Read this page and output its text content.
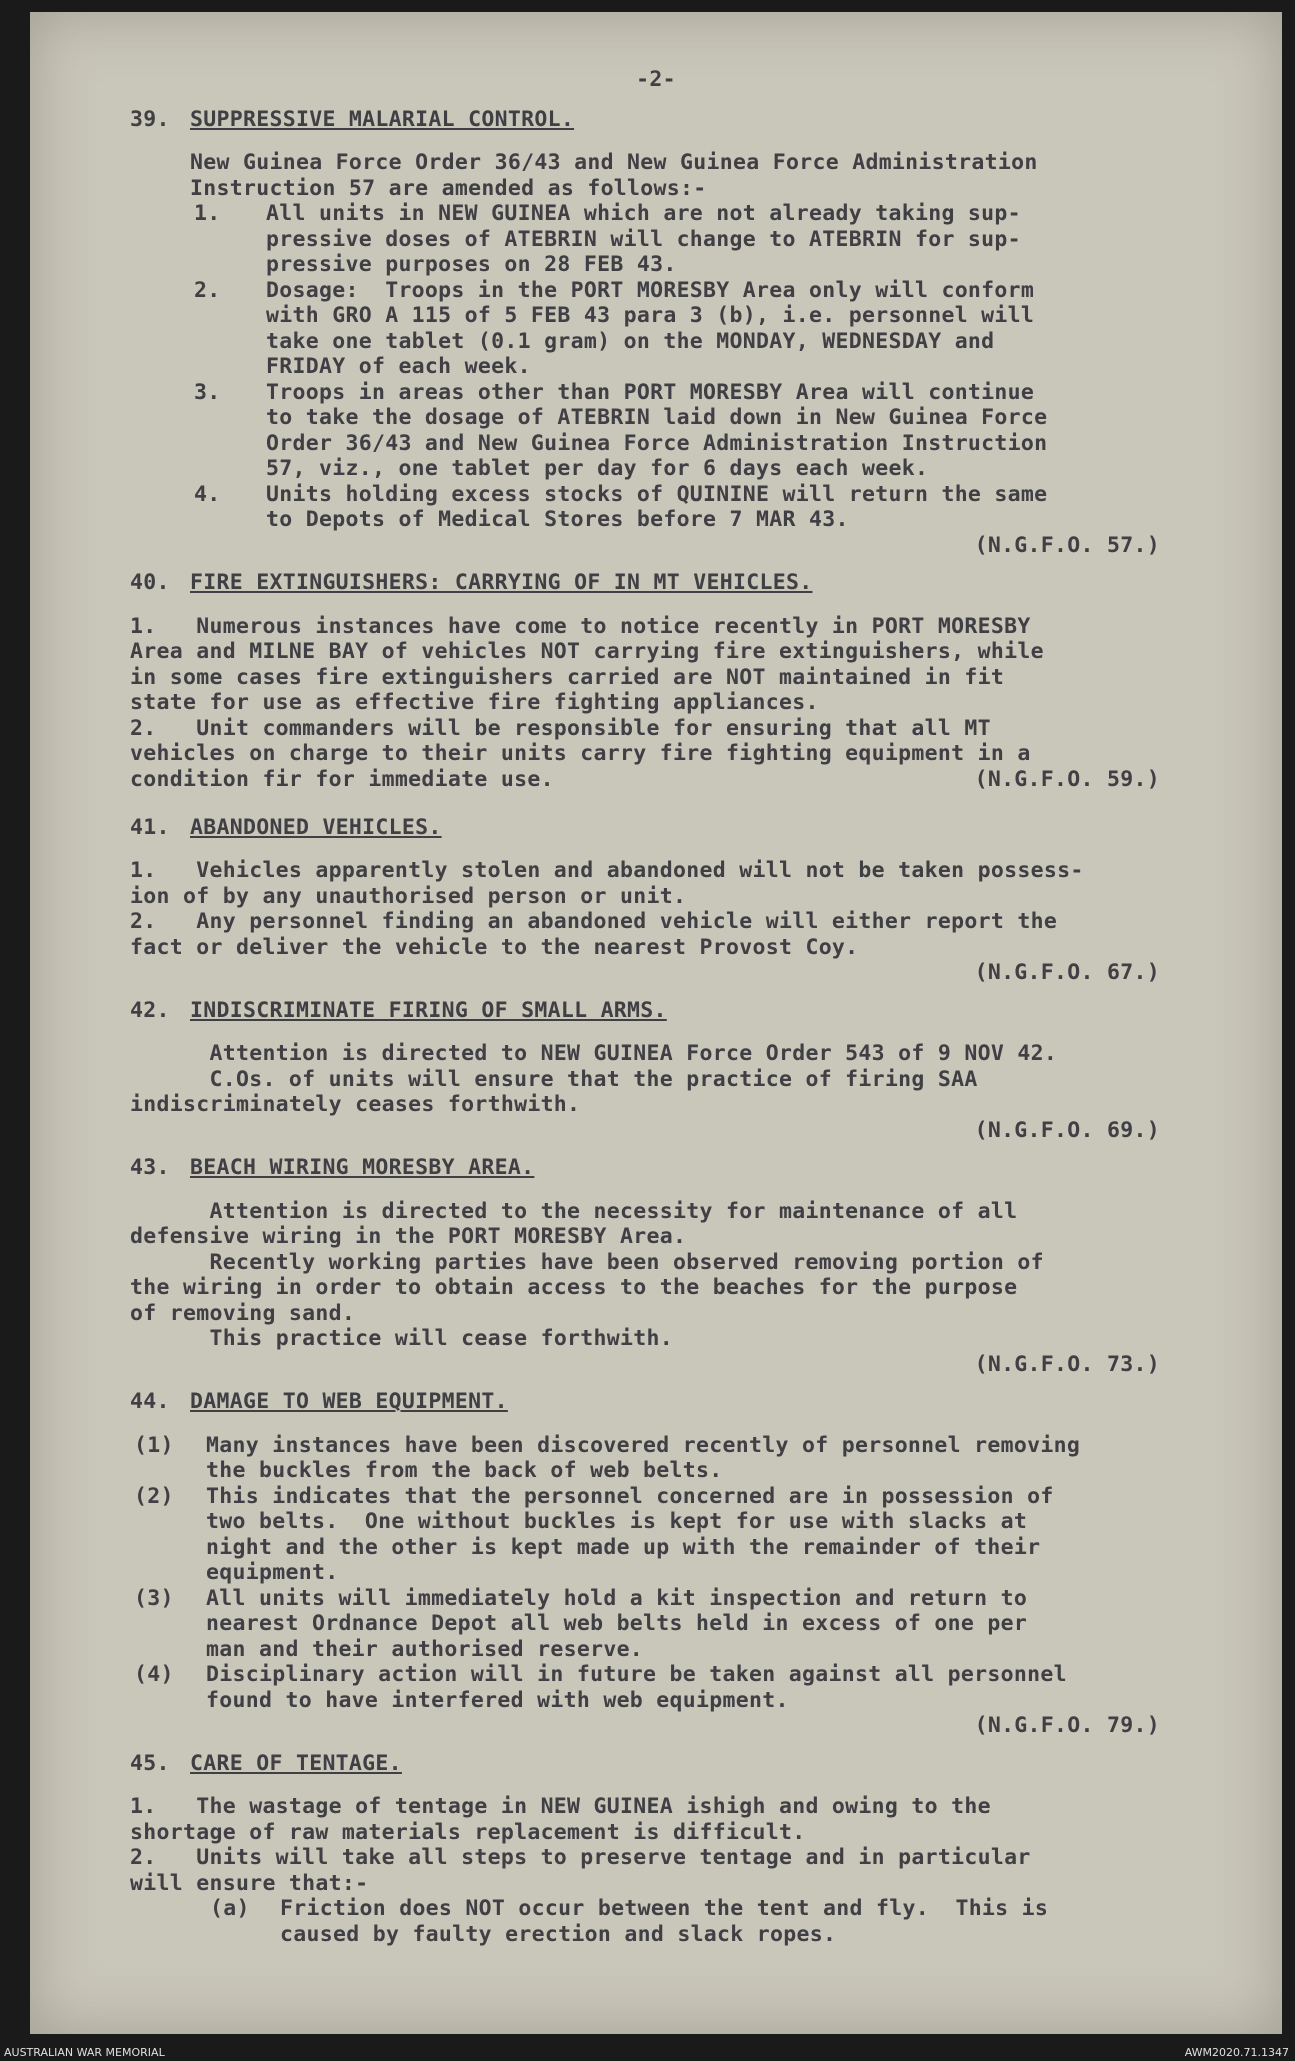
-2-
39. SUPPRESSIVE MALARIAL CONTROL.
New Guinea Force Order 36/43 and New Guinea Force Administration
Instruction 57 are amended as follows:-
1.	All units in NEW GUINEA which are not already taking sup-
pressive doses of ATEBRIN will change to ATEBRIN for sup-
pressive purposes on 28 FEB 43.
2.	Dosage:  Troops in the PORT MORESBY Area only will conform
with GRO A 115 of 5 FEB 43 para 3 (b), i.e. personnel will
take one tablet (0.1 gram) on the MONDAY, WEDNESDAY and
FRIDAY of each week.
3.	Troops in areas other than PORT MORESBY Area will continue
to take the dosage of ATEBRIN laid down in New Guinea Force
Order 36/43 and New Guinea Force Administration Instruction
57, viz., one tablet per day for 6 days each week.
4.	Units holding excess stocks of QUININE will return the same
to Depots of Medical Stores before 7 MAR 43.
(N.G.F.O. 57.)
40. FIRE EXTINGUISHERS: CARRYING OF IN MT VEHICLES.
1.   Numerous instances have come to notice recently in PORT MORESBY
Area and MILNE BAY of vehicles NOT carrying fire extinguishers, while
in some cases fire extinguishers carried are NOT maintained in fit
state for use as effective fire fighting appliances.
2.   Unit commanders will be responsible for ensuring that all MT
vehicles on charge to their units carry fire fighting equipment in a
condition fir for immediate use.	(N.G.F.O. 59.)
41. ABANDONED VEHICLES.
1.   Vehicles apparently stolen and abandoned will not be taken possess-
ion of by any unauthorised person or unit.
2.   Any personnel finding an abandoned vehicle will either report the
fact or deliver the vehicle to the nearest Provost Coy.
(N.G.F.O. 67.)
42. INDISCRIMINATE FIRING OF SMALL ARMS.
Attention is directed to NEW GUINEA Force Order 543 of 9 NOV 42.
C.Os. of units will ensure that the practice of firing SAA
indiscriminately ceases forthwith.
(N.G.F.O. 69.)
43. BEACH WIRING MORESBY AREA.
Attention is directed to the necessity for maintenance of all
defensive wiring in the PORT MORESBY Area.
Recently working parties have been observed removing portion of
the wiring in order to obtain access to the beaches for the purpose
of removing sand.
This practice will cease forthwith.
(N.G.F.O. 73.)
44. DAMAGE TO WEB EQUIPMENT.
(1)	Many instances have been discovered recently of personnel removing
the buckles from the back of web belts.
(2)	This indicates that the personnel concerned are in possession of
two belts.  One without buckles is kept for use with slacks at
night and the other is kept made up with the remainder of their
equipment.
(3)	All units will immediately hold a kit inspection and return to
nearest Ordnance Depot all web belts held in excess of one per
man and their authorised reserve.
(4)	Disciplinary action will in future be taken against all personnel
found to have interfered with web equipment.
(N.G.F.O. 79.)
45. CARE OF TENTAGE.
1.   The wastage of tentage in NEW GUINEA ishigh and owing to the
shortage of raw materials replacement is difficult.
2.   Units will take all steps to preserve tentage and in particular
will ensure that:-
(a)	Friction does NOT occur between the tent and fly.  This is
caused by faulty erection and slack ropes.
AUSTRALIAN WAR MEMORIAL	AWM2020.71.1347
